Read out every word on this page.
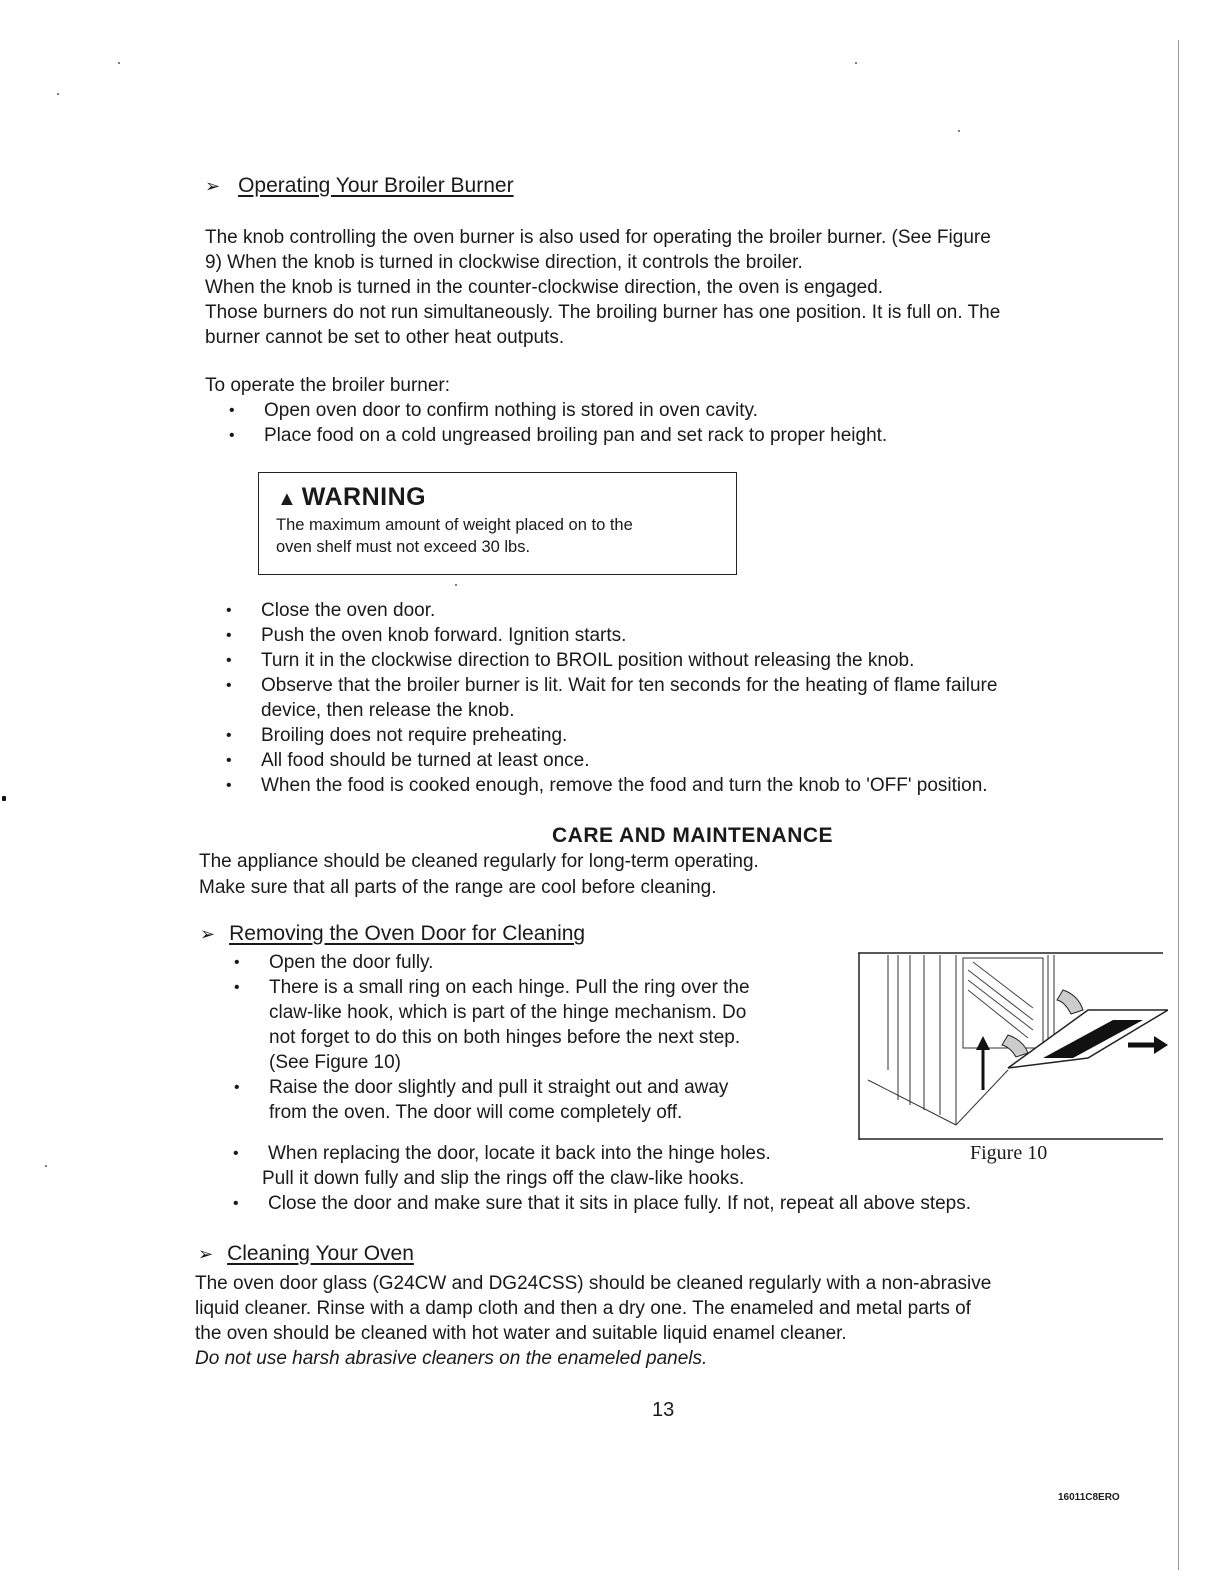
➢ Operating Your Broiler Burner

The knob controlling the oven burner is also used for operating the broiler burner. (See Figure

9) When the knob is turned in clockwise direction, it controls the broiler.

When the knob is turned in the counter-clockwise direction, the oven is engaged.

Those burners do not run simultaneously. The broiling burner has one position. It is full on. The

burner cannot be set to other heat outputs.

To operate the broiler burner:

• Open oven door to confirm nothing is stored in oven cavity.
• Place food on a cold ungreased broiling pan and set rack to proper height.
▲ WARNING
The maximum amount of weight placed on to the
oven shelf must not exceed 30 lbs.
• Close the oven door.
• Push the oven knob forward. Ignition starts.
• Turn it in the clockwise direction to BROIL position without releasing the knob.
• Observe that the broiler burner is lit. Wait for ten seconds for the heating of flame failure
device, then release the knob.
• Broiling does not require preheating.
• All food should be turned at least once.
• When the food is cooked enough, remove the food and turn the knob to 'OFF' position.
CARE AND MAINTENANCE

The appliance should be cleaned regularly for long-term operating.

Make sure that all parts of the range are cool before cleaning.

➢ Removing the Oven Door for Cleaning
• Open the door fully.
• There is a small ring on each hinge. Pull the ring over the
claw-like hook, which is part of the hinge mechanism. Do
not forget to do this on both hinges before the next step.
(See Figure 10)
• Raise the door slightly and pull it straight out and away
from the oven. The door will come completely off.
• When replacing the door, locate it back into the hinge holes.
Pull it down fully and slip the rings off the claw-like hooks.
• Close the door and make sure that it sits in place fully. If not, repeat all above steps.
Figure 10
➢ Cleaning Your Oven

The oven door glass (G24CW and DG24CSS) should be cleaned regularly with a non-abrasive

liquid cleaner. Rinse with a damp cloth and then a dry one. The enameled and metal parts of

the oven should be cleaned with hot water and suitable liquid enamel cleaner.

Do not use harsh abrasive cleaners on the enameled panels.

13
16011C8ERO
